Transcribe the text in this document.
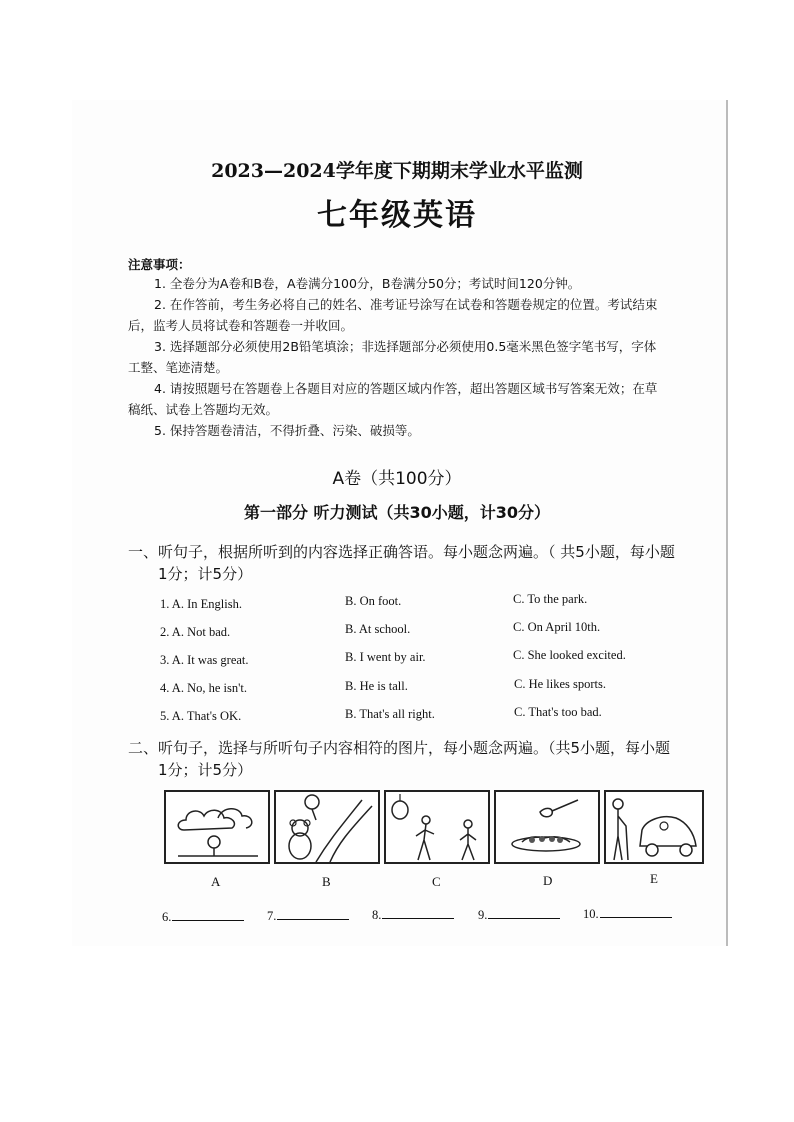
2023—2024学年度下期期末学业水平监测
七年级英语
注意事项：
1. 全卷分为A卷和B卷，A卷满分100分，B卷满分50分；考试时间120分钟。
2. 在作答前，考生务必将自己的姓名、准考证号涂写在试卷和答题卷规定的位置。考试结束
后，监考人员将试卷和答题卷一并收回。
3. 选择题部分必须使用2B铅笔填涂；非选择题部分必须使用0.5毫米黑色签字笔书写，字体
工整、笔迹清楚。
4. 请按照题号在答题卷上各题目对应的答题区域内作答，超出答题区域书写答案无效；在草
稿纸、试卷上答题均无效。
5. 保持答题卷清洁，不得折叠、污染、破损等。
A卷（共100分）
第一部分 听力测试（共30小题，计30分）
一、听句子，根据所听到的内容选择正确答语。每小题念两遍。（ 共5小题，每小题
1分；计5分）
1. A. In English.	B. On foot.	C. To the park.
2. A. Not bad.	B. At school.	C. On April 10th.
3. A. It was great.	B. I went by air.	C. She looked excited.
4. A. No, he isn't.	B. He is tall.	C. He likes sports.
5. A. That's OK.	B. That's all right.	C. That's too bad.
二、听句子，选择与所听句子内容相符的图片，每小题念两遍。（共5小题，每小题
1分；计5分）
A	B	C	D	E
6.	7.	8.	9.	10.
